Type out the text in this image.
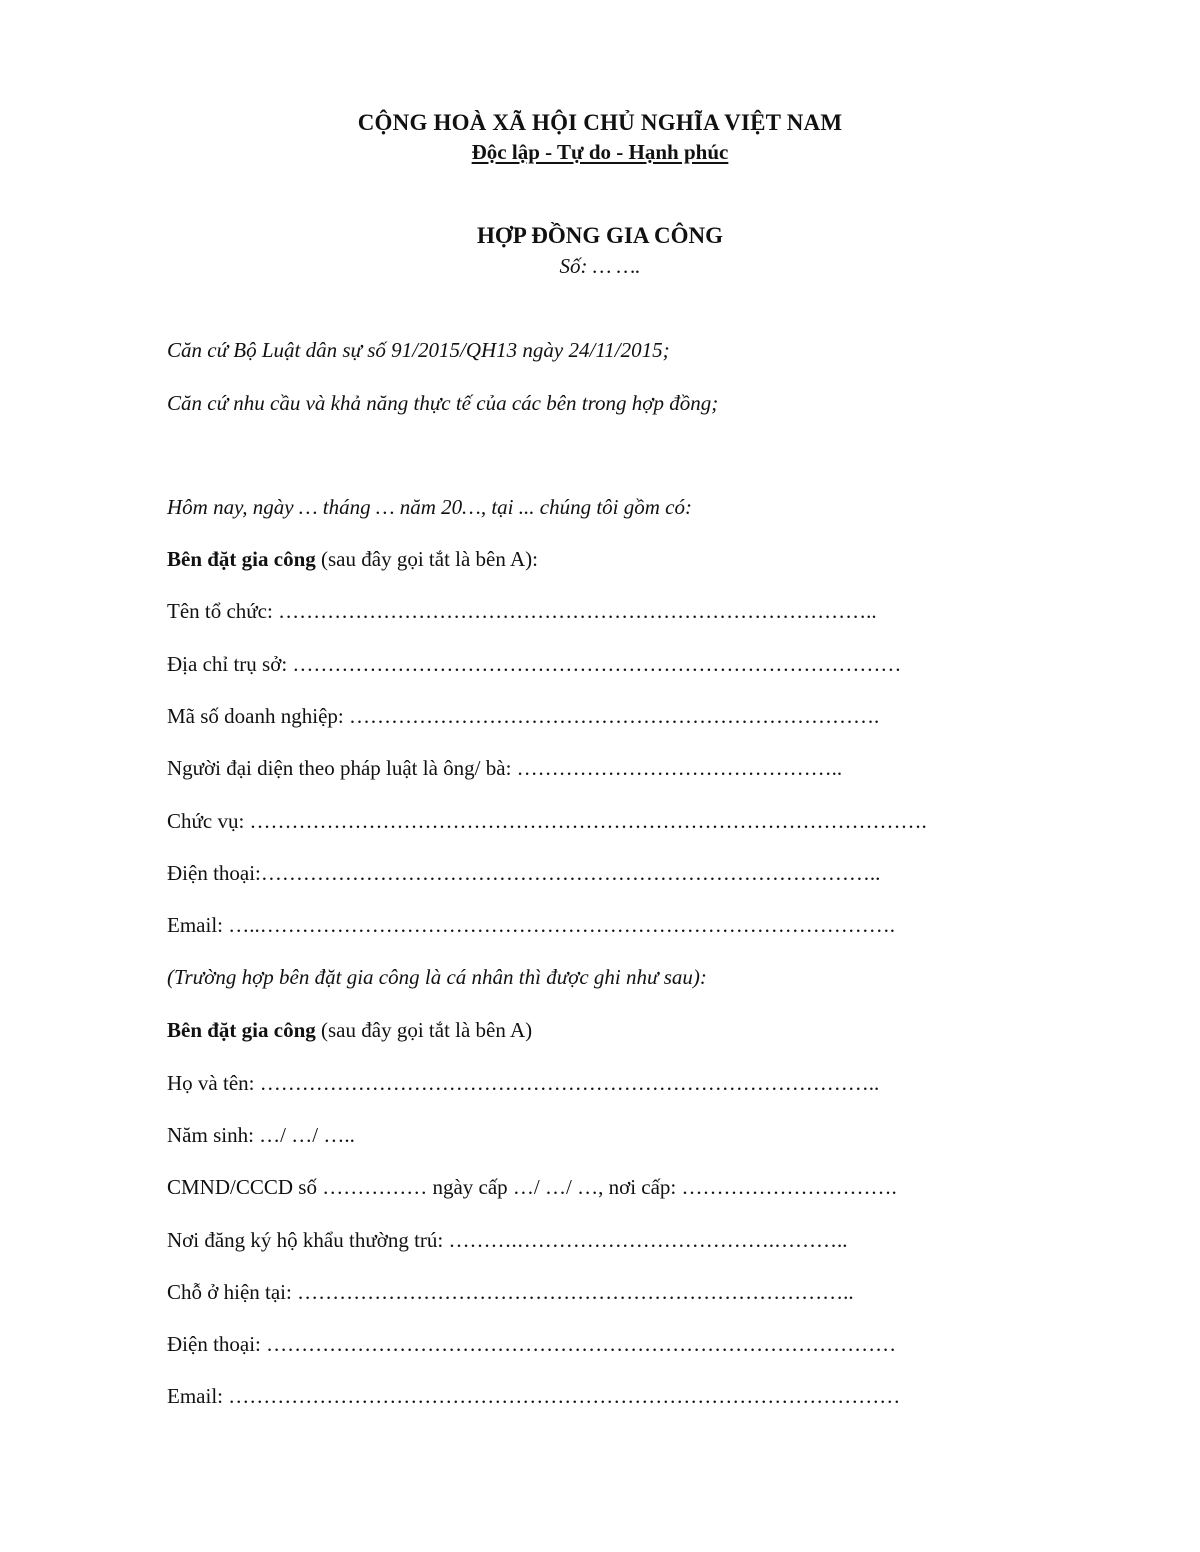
CỘNG HOÀ XÃ HỘI CHỦ NGHĨA VIỆT NAM
Độc lập - Tự do - Hạnh phúc
HỢP ĐỒNG GIA CÔNG
Số: … ….
Căn cứ Bộ Luật dân sự số 91/2015/QH13 ngày 24/11/2015;
Căn cứ nhu cầu và khả năng thực tế của các bên trong hợp đồng;
Hôm nay, ngày … tháng … năm 20…, tại ... chúng tôi gồm có:
Bên đặt gia công (sau đây gọi tắt là bên A):
Tên tổ chức: …………………………………………………………………………..
Địa chỉ trụ sở: ……………………………………………………………………………
Mã số doanh nghiệp: ………………………………………………………………….
Người đại diện theo pháp luật là ông/ bà: ………………………………………..
Chức vụ: …………………………………………………………………………………….
Điện thoại:……………………………………………………………………………..
Email: …..……………………………………………………………………………….
(Trường hợp bên đặt gia công là cá nhân thì được ghi như sau):
Bên đặt gia công (sau đây gọi tắt là bên A)
Họ và tên: ……………………………………………………………………………..
Năm sinh: …/ …/ …..
CMND/CCCD số …………… ngày cấp …/ …/ …, nơi cấp: ………………………….
Nơi đăng ký hộ khẩu thường trú: ……….……………………………….………..
Chỗ ở hiện tại: ……………………………………………………………………..
Điện thoại: ………………………………………………………………………………
Email: ……………………………………………………………………………………
